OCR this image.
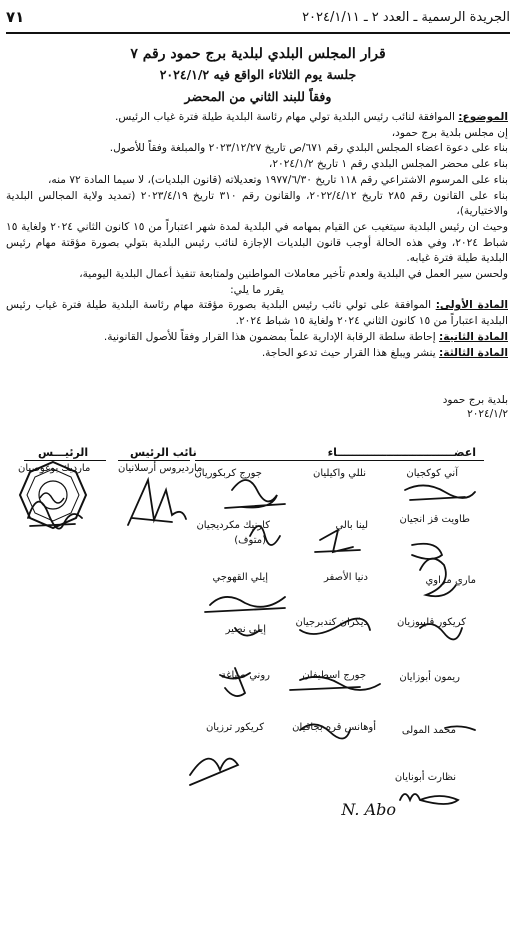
٧١	الجريدة الرسمية ـ العدد ٢ ـ ٢٠٢٤/١/١١
قرار المجلس البلدي لبلدية برج حمود رقم ٧
جلسة يوم الثلاثاء الواقع فيه ٢٠٢٤/١/٢
وفقاً للبند الثاني من المحضر

الموضوع: الموافقة لنائب رئيس البلدية تولي مهام رئاسة البلدية طيلة فترة غياب الرئيس.

إن مجلس بلدية برج حمود،

بناء على دعوة اعضاء المجلس البلدي رقم ٦٧١/ص تاريخ ٢٠٢٣/١٢/٢٧ والمبلغة وفقاً للأصول.

بناء على محضر المجلس البلدي رقم ١ تاريخ ٢٠٢٤/١/٢،

بناء على المرسوم الاشتراعي رقم ١١٨ تاريخ ١٩٧٧/٦/٣٠ وتعديلاته (قانون البلديات)، لا سيما المادة ٧٢ منه،

بناء على القانون رقم ٢٨٥ تاريخ ٢٠٢٢/٤/١٢، والقانون رقم ٣١٠ تاريخ ٢٠٢٣/٤/١٩ (تمديد ولاية المجالس البلدية والاختيارية)،

وحيث ان رئيس البلدية سيتغيب عن القيام بمهامه في البلدية لمدة شهر اعتباراً من ١٥ كانون الثاني ٢٠٢٤ ولغاية ١٥ شباط ٢٠٢٤، وفي هذه الحالة أوجب قانون البلديات الإجازة لنائب رئيس البلدية بتولي بصورة مؤقتة مهام رئيس البلدية طيلة فترة غيابه.

ولحسن سير العمل في البلدية ولعدم تأخير معاملات المواطنين ولمتابعة تنفيذ أعمال البلدية اليومية،

يقرر ما يلي:

المادة الأولى: الموافقة على تولي نائب رئيس البلدية بصورة مؤقتة مهام رئاسة البلدية طيلة فترة غياب رئيس البلدية اعتباراً من ١٥ كانون الثاني ٢٠٢٤ ولغاية ١٥ شباط ٢٠٢٤.

المادة الثانية: إحاطة سلطة الرقابة الإدارية علماً بمضمون هذا القرار وفقاً للأصول القانونية.

المادة الثالثة: ينشر ويبلغ هذا القرار حيث تدعو الحاجة.

بلدية برج حمود
٢٠٢٤/١/٢
اعضـــــــــــــــــــــــــــــــاء
نائب الرئيس
الرئيـــس
ماردیروس أرسلانیان
ماردیك بوغوصیان	آني كوكجيان
نللي واكيليان
جورج كربكوريان
طاويت قز انجيان
لينا بالي
كارنيك مكرديجيان
(متوف)
ماري مراوي
دنيا الأصفر
إيلي القهوجي
كريكور قليبوزيان
ديكران كندبرجيان
إيلي نصير
ريمون أبوزايان
جورج اسطيفان
روني صباغة
محمد المولى
أوهانس قره بجاقيان
كريكور ترزيان
نظارت أبونايان
N. Abo
